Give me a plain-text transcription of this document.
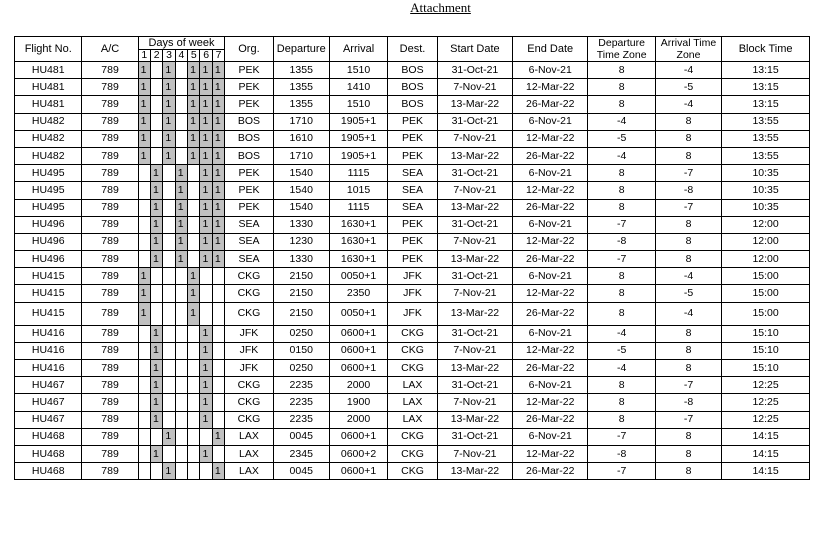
Attachment
Flight No.	A/C	Days of week							Org.	Departure	Arrival	Dest.	Start Date	End Date	Departure Time Zone	Arrival Time Zone	Block Time
		1	2	3	4	5	6	7									
HU481	789	1		1		1	1	1	PEK	1355	1510	BOS	31-Oct-21	6-Nov-21	8	-4	13:15
HU481	789	1		1		1	1	1	PEK	1355	1410	BOS	7-Nov-21	12-Mar-22	8	-5	13:15
HU481	789	1		1		1	1	1	PEK	1355	1510	BOS	13-Mar-22	26-Mar-22	8	-4	13:15
HU482	789	1		1		1	1	1	BOS	1710	1905+1	PEK	31-Oct-21	6-Nov-21	-4	8	13:55
HU482	789	1		1		1	1	1	BOS	1610	1905+1	PEK	7-Nov-21	12-Mar-22	-5	8	13:55
HU482	789	1		1		1	1	1	BOS	1710	1905+1	PEK	13-Mar-22	26-Mar-22	-4	8	13:55
HU495	789		1		1		1	1	PEK	1540	1115	SEA	31-Oct-21	6-Nov-21	8	-7	10:35
HU495	789		1		1		1	1	PEK	1540	1015	SEA	7-Nov-21	12-Mar-22	8	-8	10:35
HU495	789		1		1		1	1	PEK	1540	1115	SEA	13-Mar-22	26-Mar-22	8	-7	10:35
HU496	789		1		1		1	1	SEA	1330	1630+1	PEK	31-Oct-21	6-Nov-21	-7	8	12:00
HU496	789		1		1		1	1	SEA	1230	1630+1	PEK	7-Nov-21	12-Mar-22	-8	8	12:00
HU496	789		1		1		1	1	SEA	1330	1630+1	PEK	13-Mar-22	26-Mar-22	-7	8	12:00
HU415	789	1				1			CKG	2150	0050+1	JFK	31-Oct-21	6-Nov-21	8	-4	15:00
HU415	789	1				1			CKG	2150	2350	JFK	7-Nov-21	12-Mar-22	8	-5	15:00
HU415	789	1				1			CKG	2150	0050+1	JFK	13-Mar-22	26-Mar-22	8	-4	15:00
HU416	789		1				1		JFK	0250	0600+1	CKG	31-Oct-21	6-Nov-21	-4	8	15:10
HU416	789		1				1		JFK	0150	0600+1	CKG	7-Nov-21	12-Mar-22	-5	8	15:10
HU416	789		1				1		JFK	0250	0600+1	CKG	13-Mar-22	26-Mar-22	-4	8	15:10
HU467	789		1				1		CKG	2235	2000	LAX	31-Oct-21	6-Nov-21	8	-7	12:25
HU467	789		1				1		CKG	2235	1900	LAX	7-Nov-21	12-Mar-22	8	-8	12:25
HU467	789		1				1		CKG	2235	2000	LAX	13-Mar-22	26-Mar-22	8	-7	12:25
HU468	789			1				1	LAX	0045	0600+1	CKG	31-Oct-21	6-Nov-21	-7	8	14:15
HU468	789		1				1		LAX	2345	0600+2	CKG	7-Nov-21	12-Mar-22	-8	8	14:15
HU468	789			1				1	LAX	0045	0600+1	CKG	13-Mar-22	26-Mar-22	-7	8	14:15
